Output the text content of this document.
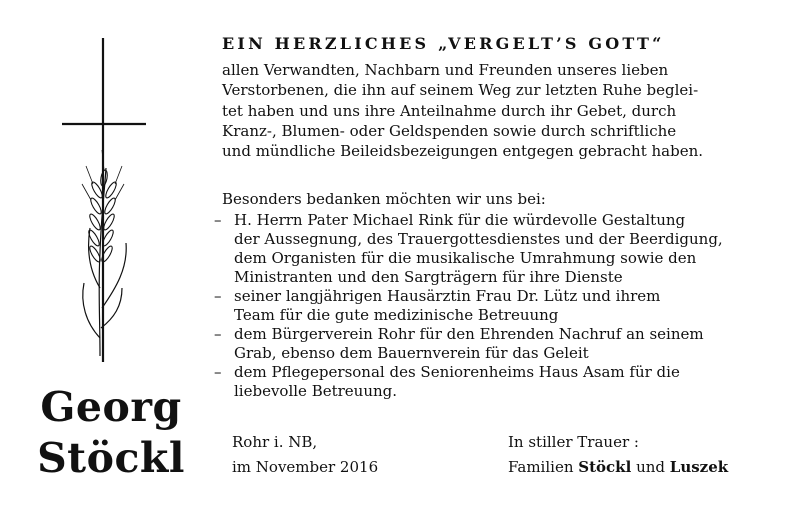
Georg
Stöckl
EIN HERZLICHES „VERGELT’S GOTT“
allen Verwandten, Nachbarn und Freunden unseres lieben
Verstorbenen, die ihn auf seinem Weg zur letzten Ruhe beglei-
tet haben und uns ihre Anteilnahme durch ihr Gebet, durch
Kranz-, Blumen- oder Geldspenden sowie durch schriftliche
und mündliche Beileidsbezeigungen entgegen gebracht haben.
Besonders bedanken möchten wir uns bei:
– H. Herrn Pater Michael Rink für die würdevolle Gestaltung
der Aussegnung, des Trauergottesdienstes und der Beerdigung,
dem Organisten für die musikalische Umrahmung sowie den
Ministranten und den Sargträgern für ihre Dienste
– seiner langjährigen Hausärztin Frau Dr. Lütz und ihrem
Team für die gute medizinische Betreuung
– dem Bürgerverein Rohr für den Ehrenden Nachruf an seinem
Grab, ebenso dem Bauernverein für das Geleit
– dem Pflegepersonal des Seniorenheims Haus Asam für die
liebevolle Betreuung.
Rohr i. NB,
im November 2016
In stiller Trauer :
Familien Stöckl und Luszek
